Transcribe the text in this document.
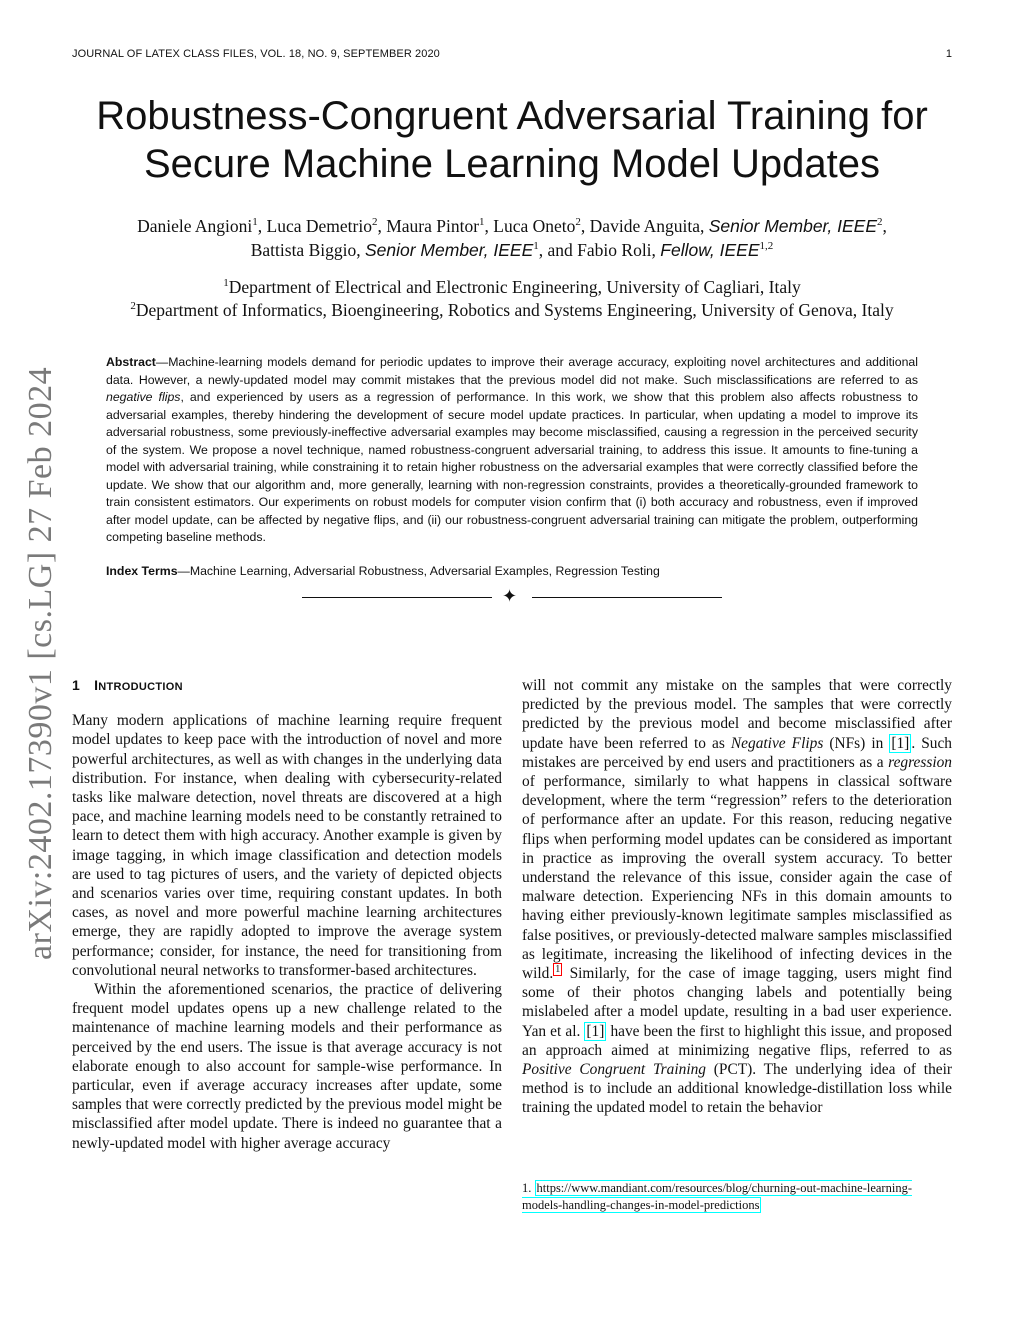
JOURNAL OF LATEX CLASS FILES, VOL. 18, NO. 9, SEPTEMBER 2020	1
Robustness-Congruent Adversarial Training for
Secure Machine Learning Model Updates
Daniele Angioni$^1$, Luca Demetrio$^2$, Maura Pintor$^1$, Luca Oneto$^2$, Davide Anguita, Senior Member, IEEE$^2$,
Battista Biggio, Senior Member, IEEE$^1$, and Fabio Roli, Fellow, IEEE$^{1,2}$
$^1$Department of Electrical and Electronic Engineering, University of Cagliari, Italy
$^2$Department of Informatics, Bioengineering, Robotics and Systems Engineering, University of Genova, Italy
arXiv:2402.17390v1 [cs.LG] 27 Feb 2024
Abstract—Machine-learning models demand for periodic updates to improve their average accuracy, exploiting novel architectures and additional data. However, a newly-updated model may commit mistakes that the previous model did not make. Such misclassifications are referred to as negative flips, and experienced by users as a regression of performance. In this work, we show that this problem also affects robustness to adversarial examples, thereby hindering the development of secure model update practices. In particular, when updating a model to improve its adversarial robustness, some previously-ineffective adversarial examples may become misclassified, causing a regression in the perceived security of the system. We propose a novel technique, named robustness-congruent adversarial training, to address this issue. It amounts to fine-tuning a model with adversarial training, while constraining it to retain higher robustness on the adversarial examples that were correctly classified before the update. We show that our algorithm and, more generally, learning with non-regression constraints, provides a theoretically-grounded framework to train consistent estimators. Our experiments on robust models for computer vision confirm that (i) both accuracy and robustness, even if improved after model update, can be affected by negative flips, and (ii) our robustness-congruent adversarial training can mitigate the problem, outperforming competing baseline methods.
Index Terms—Machine Learning, Adversarial Robustness, Adversarial Examples, Regression Testing
✦
1 INTRODUCTION

Many modern applications of machine learning require frequent model updates to keep pace with the introduction of novel and more powerful architectures, as well as with changes in the underlying data distribution. For instance, when dealing with cybersecurity-related tasks like malware detection, novel threats are discovered at a high pace, and machine learning models need to be constantly retrained to learn to detect them with high accuracy. Another example is given by image tagging, in which image classification and detection models are used to tag pictures of users, and the variety of depicted objects and scenarios varies over time, requiring constant updates. In both cases, as novel and more powerful machine learning architectures emerge, they are rapidly adopted to improve the average system performance; consider, for instance, the need for transitioning from convolutional neural networks to transformer-based architectures.

Within the aforementioned scenarios, the practice of delivering frequent model updates opens up a new challenge related to the maintenance of machine learning models and their performance as perceived by the end users. The issue is that average accuracy is not elaborate enough to also account for sample-wise performance. In particular, even if average accuracy increases after update, some samples that were correctly predicted by the previous model might be misclassified after model update. There is indeed no guarantee that a newly-updated model with higher average accuracy

will not commit any mistake on the samples that were correctly predicted by the previous model. The samples that were correctly predicted by the previous model and become misclassified after update have been referred to as Negative Flips (NFs) in [1] . Such mistakes are perceived by end users and practitioners as a regression of performance, similarly to what happens in classical software development, where the term “regression” refers to the deterioration of performance after an update. For this reason, reducing negative flips when performing model updates can be considered as important in practice as improving the overall system accuracy. To better understand the relevance of this issue, consider again the case of malware detection. Experiencing NFs in this domain amounts to having either previously-known legitimate samples misclassified as false positives, or previously-detected malware samples misclassified as legitimate, increasing the likelihood of infecting devices in the wild. $^1$ Similarly, for the case of image tagging, users might find some of their photos changing labels and potentially being mislabeled after a model update, resulting in a bad user experience. Yan et al. [1] have been the first to highlight this issue, and proposed an approach aimed at minimizing negative flips, referred to as Positive Congruent Training (PCT). The underlying idea of their method is to include an additional knowledge-distillation loss while training the updated model to retain the behavior

1. https://www.mandiant.com/resources/blog/churning-out-machine-learning-models-handling-changes-in-model-predictions
